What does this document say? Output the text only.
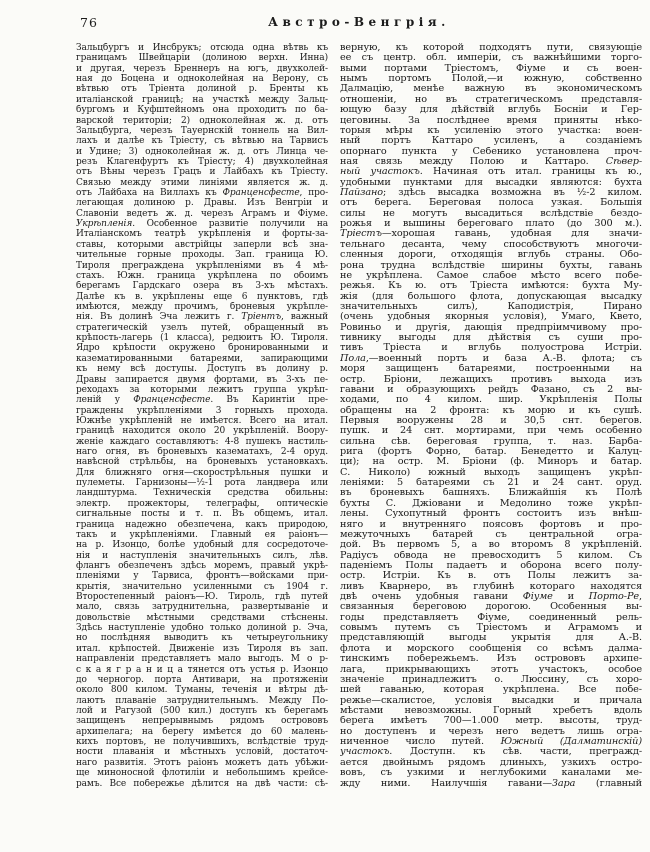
76	Австро-Венгрія.
Зальцбургъ и Инсбрукъ; отсюда одна вѣтвь къ
границамъ Швейцаріи (долиною верхн. Инна)
и другая, черезъ Бреннеръ на югъ, двухколей-
ная до Боцена и одноколейная на Верону, съ
вѣтвью отъ Тріента долиной р. Бренты къ
италіанской границѣ; на участкѣ между Зальц-
бургомъ и Куфштейномъ она проходитъ по ба-
варской територіи; 2) одноколейная ж. д. отъ
Зальцбурга, черезъ Тауернскій тоннель на Вил-
лахъ и далѣе къ Тріесту, съ вѣтвью на Тарвисъ
и Удине; 3) одноколейная ж. д. отъ Линца че-
резъ Клагенфуртъ къ Тріесту; 4) двухколейная
отъ Вѣны черезъ Грацъ и Лайбахъ къ Тріесту.
Связью между этими линіями является ж. д.
отъ Лайбаха на Виллахъ къ Франценсфесте, про-
легающая долиною р. Дравы. Изъ Венгріи и
Славоніи ведетъ ж. д. черезъ Аграмъ и Фіуме.
Укрѣпленія. Особенное развитіе получили на
Италіанскомъ театрѣ укрѣпленія и форты-за-
ставы, которыми австрійцы заперли всѣ зна-
чительные горные проходы. Зап. граница Ю.
Тироля преграждена укрѣпленіями въ 4 мѣ-
стахъ. Южн. граница укрѣплена по обоимъ
берегамъ Гардскаго озера въ 3-хъ мѣстахъ.
Далѣе къ в. укрѣплены еще 6 пунктовъ, гдѣ
имѣются, между прочимъ, броневыя укрѣпле-
нія. Въ долинѣ Эча лежитъ г. Тріентъ, важный
стратегическій узелъ путей, обращенный въ
крѣпость-лагерь (1 класса), редюитъ Ю. Тироля.
Ядро крѣпости окружено бронированными и
казематированными батареями, запирающими
къ нему всѣ доступы. Доступъ въ долину р.
Дравы запирается двумя фортами, въ 3-хъ пе-
реходахъ за которыми лежитъ группа укрѣп-
леній у Франценсфесте. Въ Каринтіи пре-
граждены укрѣпленіями 3 горныхъ прохода.
Южнѣе укрѣпленій не имѣется. Всего на итал.
границѣ находится около 20 укрѣпленій. Воору-
женіе каждаго составляютъ: 4-8 пушекъ настиль-
наго огня, въ броневыхъ казематахъ, 2-4 оруд.
навѣсной стрѣльбы, на броневыхъ установкахъ.
Для ближняго огня—скорострѣльныя пушки и
пулеметы. Гарнизоны—½-1 рота ландвера или
ландштурма. Техническія средства обильны:
электр. прожекторы, телеграфы, оптическіе
сигнальные посты и т. п. Въ общемъ, итал.
граница надежно обезпечена, какъ природою,
такъ и укрѣпленіями. Главный ея раіонъ—
на р. Изонцо, болѣе удобный для сосредоточе-
нія и наступленія значительныхъ силъ, лѣв.
флангъ обезпеченъ здѣсь моремъ, правый укрѣ-
пленіями у Тарвиса, фронтъ—войсками при-
крытія, значительно усиленными съ 1904 г.
Второстепенный раіонъ—Ю. Тироль, гдѣ путей
мало, связь затруднительна, развертываніе и
довольствіе мѣстными средствами стѣснены.
Здѣсь наступленіе удобно только долиной р. Эча,
но послѣдняя выводитъ къ четыреугольнику
итал. крѣпостей. Движеніе изъ Тироля въ зап.
направленіи представляетъ мало выгодъ. М о р-
с к а я г р а н и ц а тянется отъ устья р. Изонцо
до черногор. порта Антивари, на протяженіи
около 800 килом. Туманы, теченія и вѣтры дѣ-
лаютъ плаваніе затруднительнымъ. Между По-
лой и Рагузой (500 кил.) доступъ къ берегамъ
защищенъ непрерывнымъ рядомъ острововъ
архипелага; на берегу имѣется до 60 малень-
кихъ портовъ, не получившихъ, вслѣдствіе труд-
ности плаванія и мѣстныхъ условій, достаточ-
наго развитія. Этотъ раіонъ можетъ дать убѣжи-
ще миноносной флотиліи и небольшимъ крейсе-
рамъ. Все побережье дѣлится на двѣ части: сѣ-
верную, къ которой подходятъ пути, связующіе
ее съ центр. обл. имперіи, съ важнѣйшими торго-
выми портами Тріестомъ, Фіуме и съ воен-
нымъ портомъ Полой,—и южную, собственно
Далмацію, менѣе важную въ экономическомъ
отношеніи, но въ стратегическомъ представля-
ющую базу для дѣйствій вглубь Босніи и Гер-
цеговины. За послѣднее время приняты нѣко-
торыя мѣры къ усиленію этого участка: воен-
ный портъ Каттаро усиленъ, а созданіемъ
опорнаго пункта у Себенико установлена проч-
ная связь между Полою и Каттаро. Сѣвер-
ный участокъ. Начиная отъ итал. границы къ ю.,
удобными пунктами для высадки являются: бухта
Пайзано; здѣсь высадка возможна въ ½-2 килом.
отъ берега. Береговая полоса узкая. Большія
силы не могутъ высадиться вслѣдствіе бездо-
рожья и вышины береговаго плато (до 300 м.).
Тріестъ—хорошая гавань, удобная для значи-
тельнаго десанта, чему способствуютъ многочи-
сленныя дороги, отходящія вглубь страны. Обо-
рона трудна вслѣдствіе ширины бухты, гавань
не укрѣплена. Самое слабое мѣсто всего побе-
режья. Къ ю. отъ Тріеста имѣются: бухта Му-
жія (для большого флота, допускающая высадку
значительныхъ силъ), Каподистрія, Пирано
(очень удобныя якорныя условія), Умаго, Квето,
Ровиньо и другія, дающія предпріимчивому про-
тивнику выгоды для дѣйствія съ суши про-
тивъ Тріеста и вглубь полуострова Истріи.
Пола,—военный портъ и база А.-В. флота; съ
моря защищенъ батареями, построенными на
остр. Бріони, лежащихъ противъ выхода изъ
гавани и образующихъ рейдъ Фазано, съ 2 вы-
ходами, по 4 килом. шир. Укрѣпленія Полы
обращены на 2 фронта: къ морю и къ сушѣ.
Первыя вооружены 28 и 30,5 снт. берегов.
пушк. и 24 снт. мортирами, при чемъ особенно
сильна сѣв. береговая группа, т. наз. Барба-
рига (фортъ Форно, батар. Бенедетто и Калуц-
ци); на остр. М. Бріони (ф. Миноръ и батар.
С. Николо) южный выходъ защищенъ укрѣп-
леніями: 5 батареями съ 21 и 24 сант. оруд.
въ броневыхъ башняхъ. Ближайшія къ Полѣ
бухты С. Джіовани и Медолино тоже укрѣп-
лены. Сухопутный фронтъ состоитъ изъ внѣш-
няго и внутренняго поясовъ фортовъ и про-
межуточныхъ батарей съ центральной огра-
дой. Въ первомъ 5, а во второмъ 8 укрѣпленій.
Радіусъ обвода не превосходитъ 5 килом. Съ
паденіемъ Полы падаетъ и оборона всего полу-
остр. Истріи. Къ в. отъ Полы лежитъ за-
ливъ Кварнеро, въ глубинѣ котораго находятся
двѣ очень удобныя гавани Фіуме и Порто-Ре,
связанныя береговою дорогою. Особенныя вы-
годы представляетъ Фіуме, соединенный рель-
совымъ путемъ съ Тріестомъ и Аграмомъ и
представляющій выгоды укрытія для А.-В.
флота и морского сообщенія со всѣмъ далма-
тинскимъ побережьемъ. Изъ острововъ архипе-
лага, прикрывающихъ этотъ участокъ, особое
значеніе принадлежитъ о. Люссину, съ хоро-
шей гаванью, которая укрѣплена. Все побе-
режье—скалистое, условія высадки и причала
мѣстами невозможны. Горный хребетъ вдоль
берега имѣетъ 700—1.000 метр. высоты, труд-
но доступенъ и черезъ него ведетъ лишь огра-
ниченное число путей. Южный (Далматинскій)
участокъ. Доступн. къ сѣв. части, прегражд-
ается двойнымъ рядомъ длиныхъ, узкихъ остро-
вовъ, съ узкими и неглубокими каналами ме-
жду ними. Наилучшія гавани—Зара (главный
